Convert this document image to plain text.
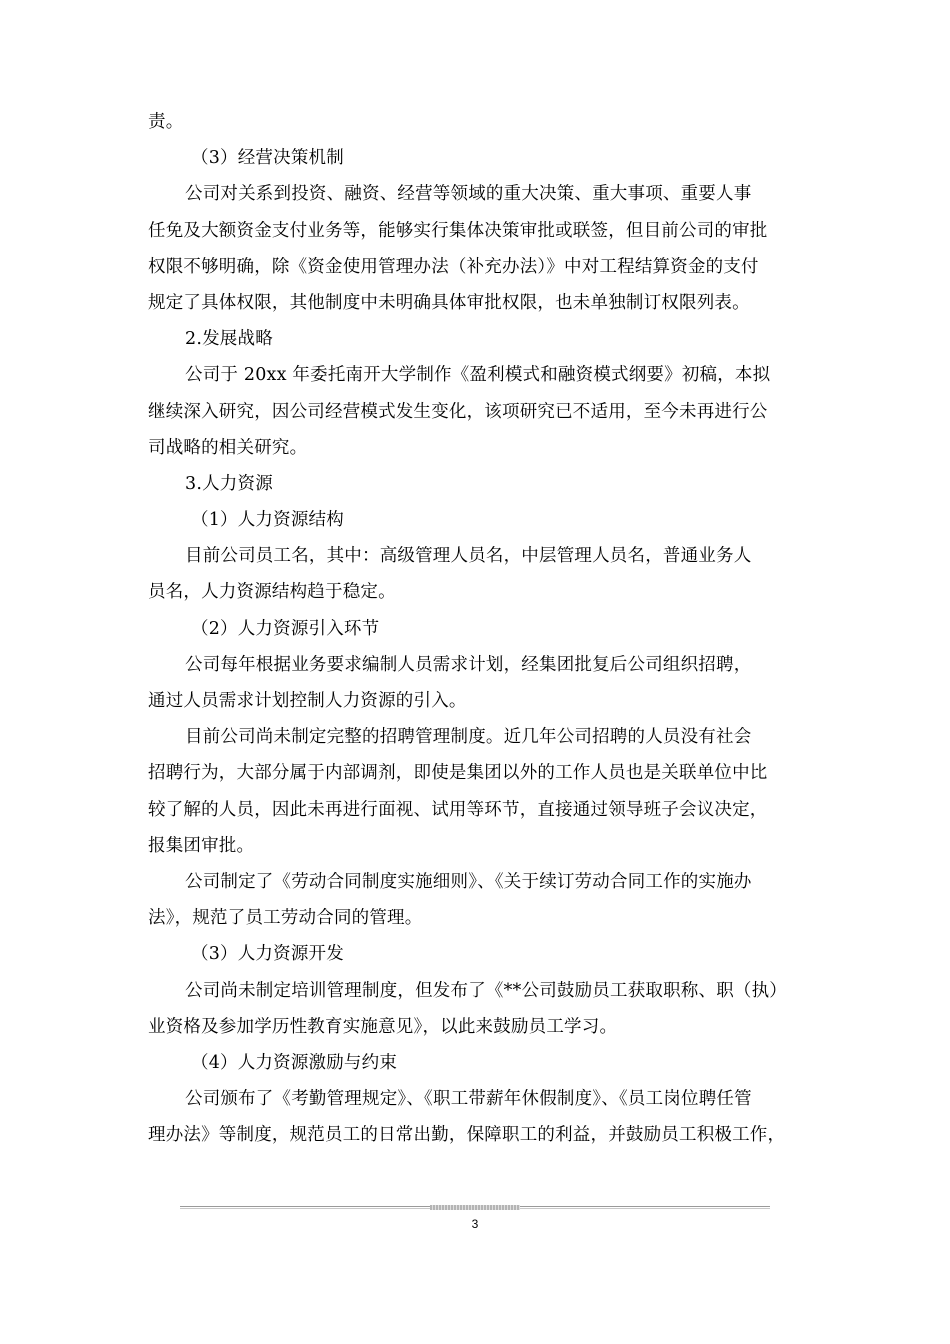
责。
（3）经营决策机制
公司对关系到投资、融资、经营等领域的重大决策、重大事项、重要人事
任免及大额资金支付业务等，能够实行集体决策审批或联签，但目前公司的审批
权限不够明确，除《资金使用管理办法（补充办法）》中对工程结算资金的支付
规定了具体权限，其他制度中未明确具体审批权限，也未单独制订权限列表。
2.发展战略
公司于 20xx 年委托南开大学制作《盈利模式和融资模式纲要》初稿，本拟
继续深入研究，因公司经营模式发生变化，该项研究已不适用，至今未再进行公
司战略的相关研究。
3.人力资源
（1）人力资源结构
目前公司员工名，其中：高级管理人员名，中层管理人员名，普通业务人
员名，人力资源结构趋于稳定。
（2）人力资源引入环节
公司每年根据业务要求编制人员需求计划，经集团批复后公司组织招聘，
通过人员需求计划控制人力资源的引入。
目前公司尚未制定完整的招聘管理制度。近几年公司招聘的人员没有社会
招聘行为，大部分属于内部调剂，即使是集团以外的工作人员也是关联单位中比
较了解的人员，因此未再进行面视、试用等环节，直接通过领导班子会议决定，
报集团审批。
公司制定了《劳动合同制度实施细则》、《关于续订劳动合同工作的实施办
法》，规范了员工劳动合同的管理。
（3）人力资源开发
公司尚未制定培训管理制度，但发布了《**公司鼓励员工获取职称、职（执）
业资格及参加学历性教育实施意见》，以此来鼓励员工学习。
（4）人力资源激励与约束
公司颁布了《考勤管理规定》、《职工带薪年休假制度》、《员工岗位聘任管
理办法》等制度，规范员工的日常出勤，保障职工的利益，并鼓励员工积极工作，
3
